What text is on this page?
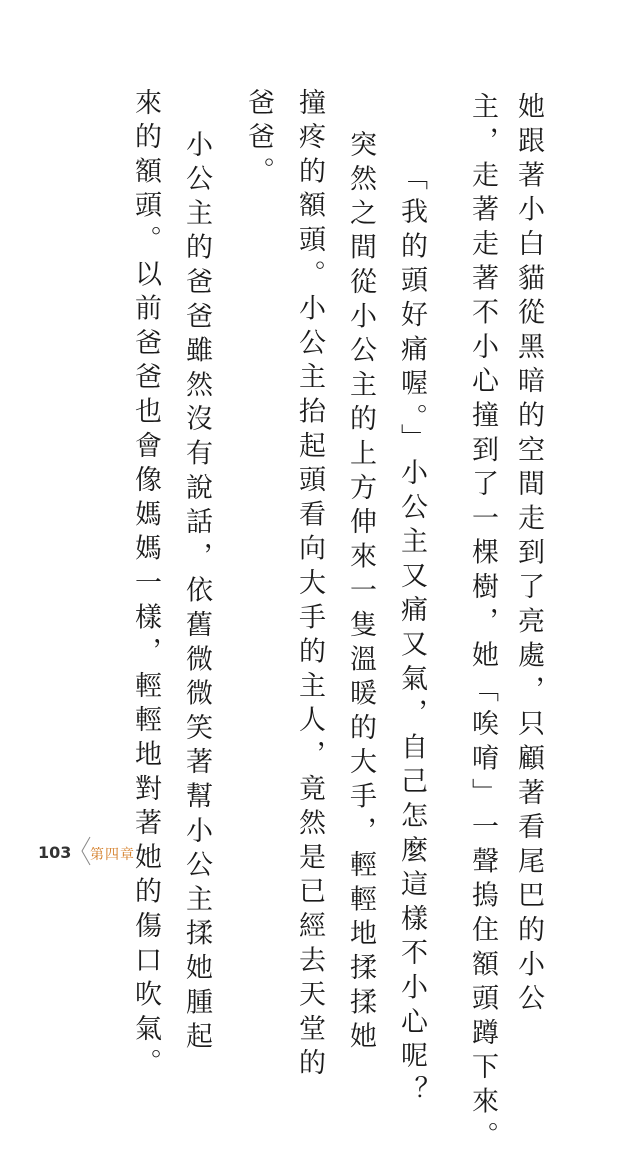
她跟著小白貓從黑暗的空間走到了亮處，只顧著看尾巴的小公
主，走著走著不小心撞到了一棵樹，她「唉唷」一聲摀住額頭蹲下來。
「我的頭好痛喔。」小公主又痛又氣，自己怎麼這樣不小心呢？
突然之間從小公主的上方伸來一隻溫暖的大手，輕輕地揉揉她
撞疼的額頭。小公主抬起頭看向大手的主人，竟然是已經去天堂的
爸爸。
小公主的爸爸雖然沒有說話，依舊微微笑著幫小公主揉她腫起
來的額頭。以前爸爸也會像媽媽一樣，輕輕地對著她的傷口吹氣。
103 第四章
